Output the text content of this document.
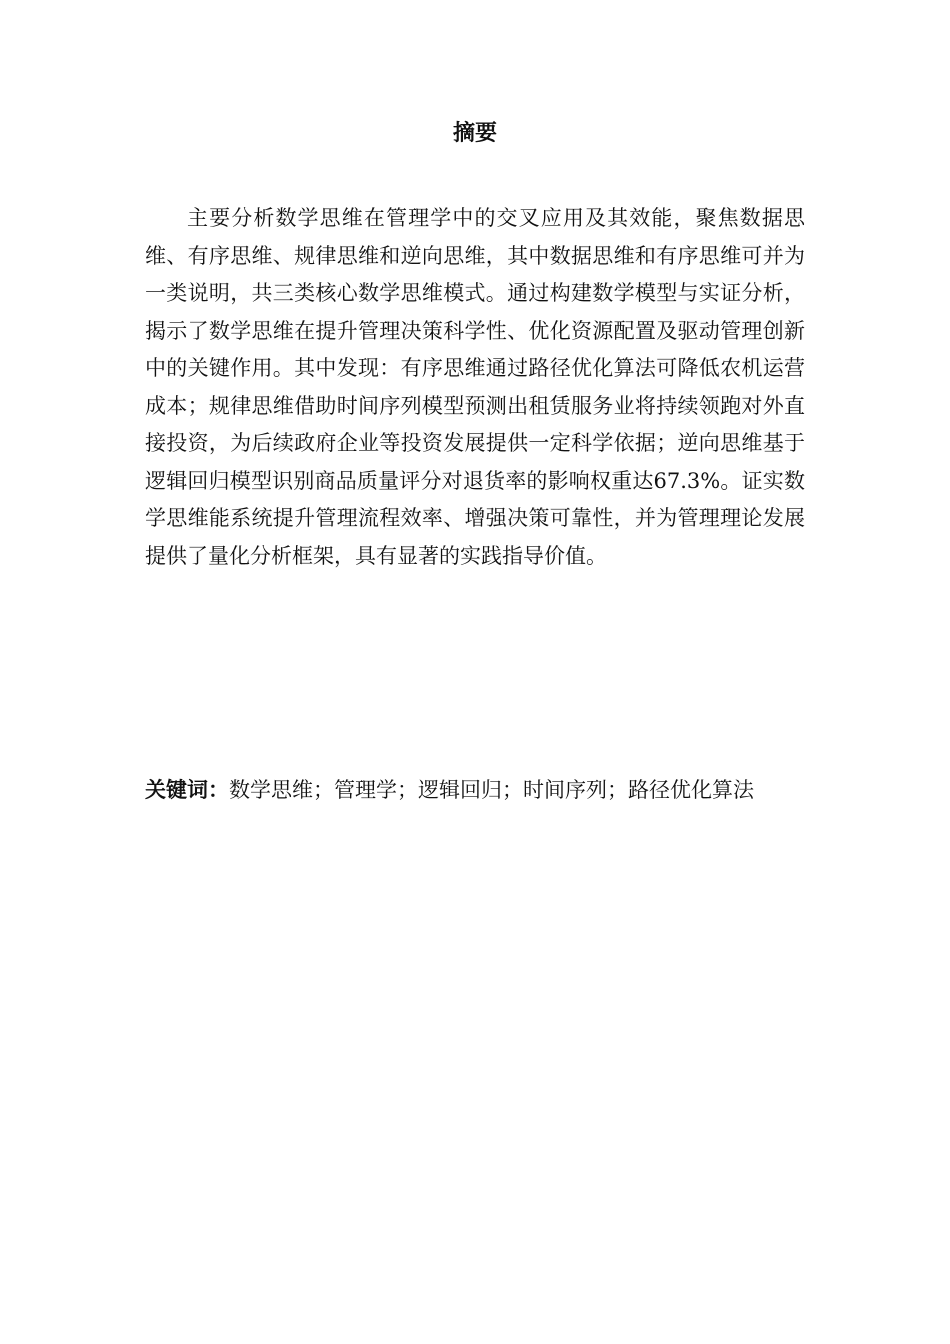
摘要
主要分析数学思维在管理学中的交叉应用及其效能，聚焦数据思维、有序思维、规律思维和逆向思维，其中数据思维和有序思维可并为一类说明，共三类核心数学思维模式。通过构建数学模型与实证分析，揭示了数学思维在提升管理决策科学性、优化资源配置及驱动管理创新中的关键作用。其中发现：有序思维通过路径优化算法可降低农机运营成本；规律思维借助时间序列模型预测出租赁服务业将持续领跑对外直接投资，为后续政府企业等投资发展提供一定科学依据；逆向思维基于逻辑回归模型识别商品质量评分对退货率的影响权重达67.3%。证实数学思维能系统提升管理流程效率、增强决策可靠性，并为管理理论发展提供了量化分析框架，具有显著的实践指导价值。
关键词：数学思维；管理学；逻辑回归；时间序列；路径优化算法
